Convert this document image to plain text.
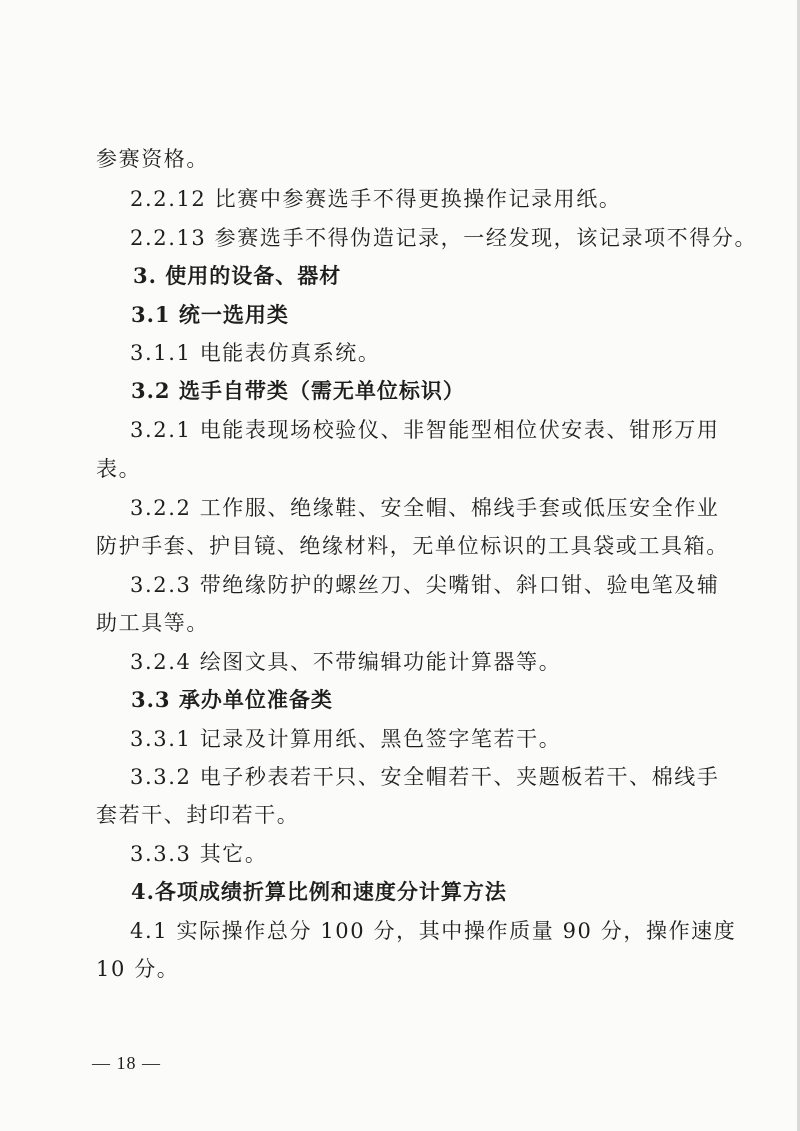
参赛资格。
2.2.12 比赛中参赛选手不得更换操作记录用纸。
2.2.13 参赛选手不得伪造记录，一经发现，该记录项不得分。
3. 使用的设备、器材
3.1 统一选用类
3.1.1 电能表仿真系统。
3.2 选手自带类（需无单位标识）
3.2.1 电能表现场校验仪、非智能型相位伏安表、钳形万用
表。
3.2.2 工作服、绝缘鞋、安全帽、棉线手套或低压安全作业
防护手套、护目镜、绝缘材料，无单位标识的工具袋或工具箱。
3.2.3 带绝缘防护的螺丝刀、尖嘴钳、斜口钳、验电笔及辅
助工具等。
3.2.4 绘图文具、不带编辑功能计算器等。
3.3 承办单位准备类
3.3.1 记录及计算用纸、黑色签字笔若干。
3.3.2 电子秒表若干只、安全帽若干、夹题板若干、棉线手
套若干、封印若干。
3.3.3 其它。
4.各项成绩折算比例和速度分计算方法
4.1 实际操作总分 100 分，其中操作质量 90 分，操作速度
10 分。
— 18 —
